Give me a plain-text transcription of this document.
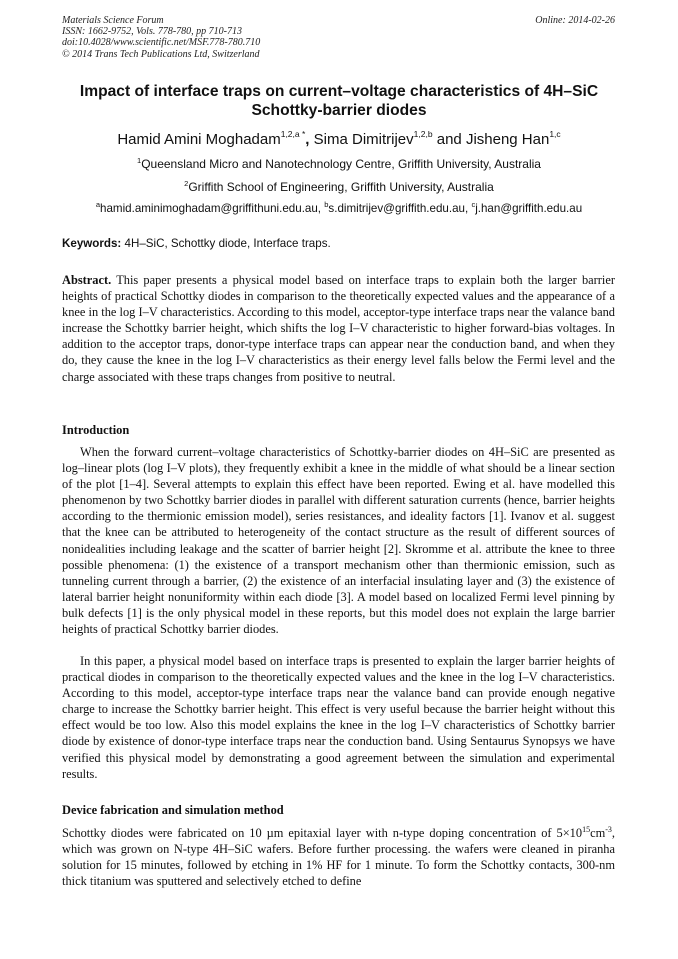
Materials Science Forum
ISSN: 1662-9752, Vols. 778-780, pp 710-713
doi:10.4028/www.scientific.net/MSF.778-780.710
© 2014 Trans Tech Publications Ltd, Switzerland
Online: 2014-02-26
Impact of interface traps on current–voltage characteristics of 4H–SiC
Schottky-barrier diodes
Hamid Amini Moghadam$^{1,2,a *}$, Sima Dimitrijev$^{1,2,b}$ and Jisheng Han$^{1,c}$
$^1$Queensland Micro and Nanotechnology Centre, Griffith University, Australia
$^2$Griffith School of Engineering, Griffith University, Australia
$^a$hamid.aminimoghadam@griffithuni.edu.au, $^b$s.dimitrijev@griffith.edu.au, $^c$j.han@griffith.edu.au
Keywords: 4H–SiC, Schottky diode, Interface traps.
Abstract. This paper presents a physical model based on interface traps to explain both the larger barrier heights of practical Schottky diodes in comparison to the theoretically expected values and the appearance of a knee in the log I–V characteristics. According to this model, acceptor-type interface traps near the valance band increase the Schottky barrier height, which shifts the log I–V characteristic to higher forward-bias voltages. In addition to the acceptor traps, donor-type interface traps can appear near the conduction band, and when they do, they cause the knee in the log I–V characteristics as their energy level falls below the Fermi level and the charge associated with these traps changes from positive to neutral.
Introduction
When the forward current–voltage characteristics of Schottky-barrier diodes on 4H–SiC are presented as log–linear plots (log I–V plots), they frequently exhibit a knee in the middle of what should be a linear section of the plot [1–4]. Several attempts to explain this effect have been reported. Ewing et al. have modelled this phenomenon by two Schottky barrier diodes in parallel with different saturation currents (hence, barrier heights according to the thermionic emission model), series resistances, and ideality factors [1]. Ivanov et al. suggest that the knee can be attributed to heterogeneity of the contact structure as the result of different sources of nonidealities including leakage and the scatter of barrier height [2]. Skromme et al. attribute the knee to three possible phenomena: (1) the existence of a transport mechanism other than thermionic emission, such as tunneling current through a barrier, (2) the existence of an interfacial insulating layer and (3) the existence of lateral barrier height nonuniformity within each diode [3]. A model based on localized Fermi level pinning by bulk defects [1] is the only physical model in these reports, but this model does not explain the large barrier heights of practical Schottky barrier diodes.
In this paper, a physical model based on interface traps is presented to explain the larger barrier heights of practical diodes in comparison to the theoretically expected values and the knee in the log I–V characteristics. According to this model, acceptor-type interface traps near the valance band can provide enough negative charge to increase the Schottky barrier height. This effect is very useful because the barrier height without this effect would be too low. Also this model explains the knee in the log I–V characteristics of Schottky barrier diode by existence of donor-type interface traps near the conduction band. Using Sentaurus Synopsys we have verified this physical model by demonstrating a good agreement between the simulation and experimental results.
Device fabrication and simulation method
Schottky diodes were fabricated on 10 µm epitaxial layer with n-type doping concentration of $5\times 10^{15}cm^{-3}$, which was grown on N-type 4H–SiC wafers. Before further processing. the wafers were cleaned in piranha solution for 15 minutes, followed by etching in 1% HF for 1 minute. To form the Schottky contacts, 300-nm thick titanium was sputtered and selectively etched to define
